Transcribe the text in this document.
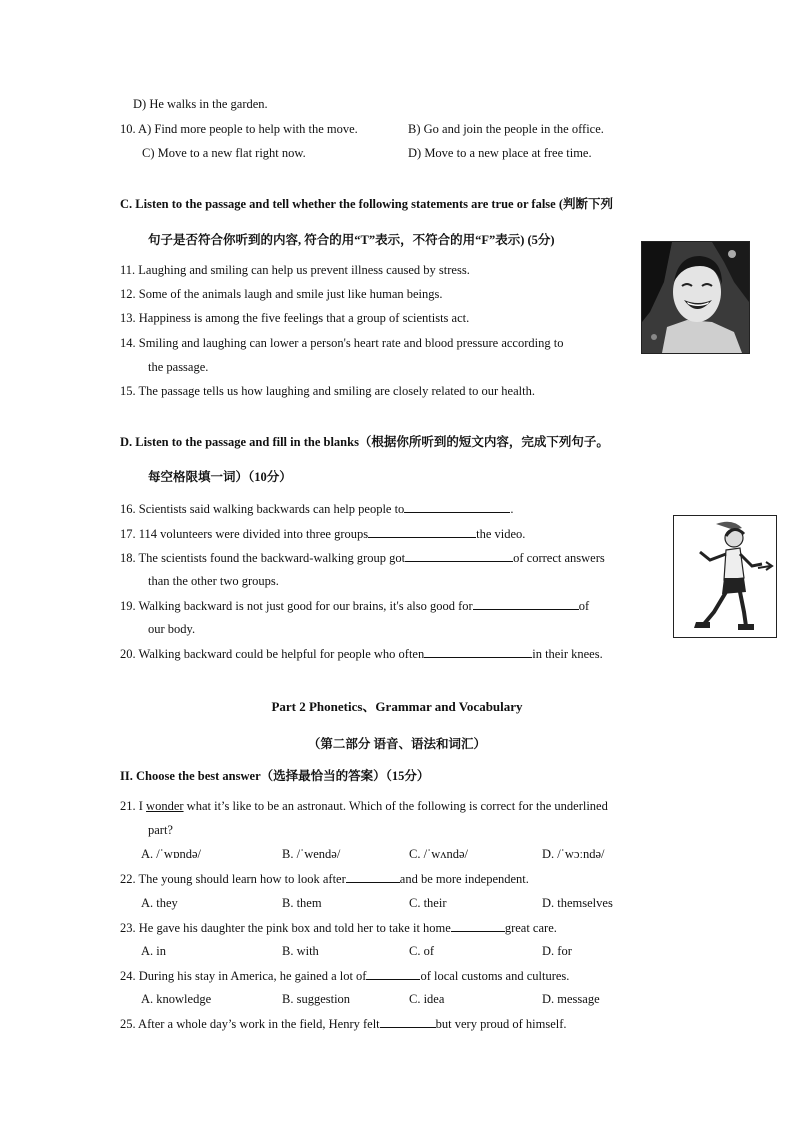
D) He walks in the garden.
10. A) Find more people to help with the move.	B) Go and join the people in the office.
C) Move to a new flat right now.	D) Move to a new place at free time.
C. Listen to the passage and tell whether the following statements are true or false (判断下列
句子是否符合你听到的内容, 符合的用“T”表示，不符合的用“F”表示) (5分)
11. Laughing and smiling can help us prevent illness caused by stress.
12. Some of the animals laugh and smile just like human beings.
13. Happiness is among the five feelings that a group of scientists act.
14. Smiling and laughing can lower a person's heart rate and blood pressure according to
the passage.
15. The passage tells us how laughing and smiling are closely related to our health.
D. Listen to the passage and fill in the blanks（根据你所听到的短文内容，完成下列句子。
每空格限填一词）（10分）
16. Scientists said walking backwards can help people to	.
17. 114 volunteers were divided into three groups	the video.
18. The scientists found the backward-walking group got	of correct answers
than the other two groups.
19. Walking backward is not just good for our brains, it's also good for	of
our body.
20. Walking backward could be helpful for people who often	in their knees.
Part 2 Phonetics、Grammar and Vocabulary
（第二部分 语音、语法和词汇）
II. Choose the best answer（选择最恰当的答案）（15分）
21. I wonder what it’s like to be an astronaut. Which of the following is correct for the underlined
part?
A. /ˈwɒndə/	B. /ˈwendə/	C. /ˈwʌndə/	D. /ˈwɔːndə/
22. The young should learn how to look after	and be more independent.
A. they	B. them	C. their	D. themselves
23. He gave his daughter the pink box and told her to take it home	great care.
A. in	B. with	C. of	D. for
24. During his stay in America, he gained a lot of	of local customs and cultures.
A. knowledge	B. suggestion	C. idea	D. message
25. After a whole day’s work in the field, Henry felt	but very proud of himself.
